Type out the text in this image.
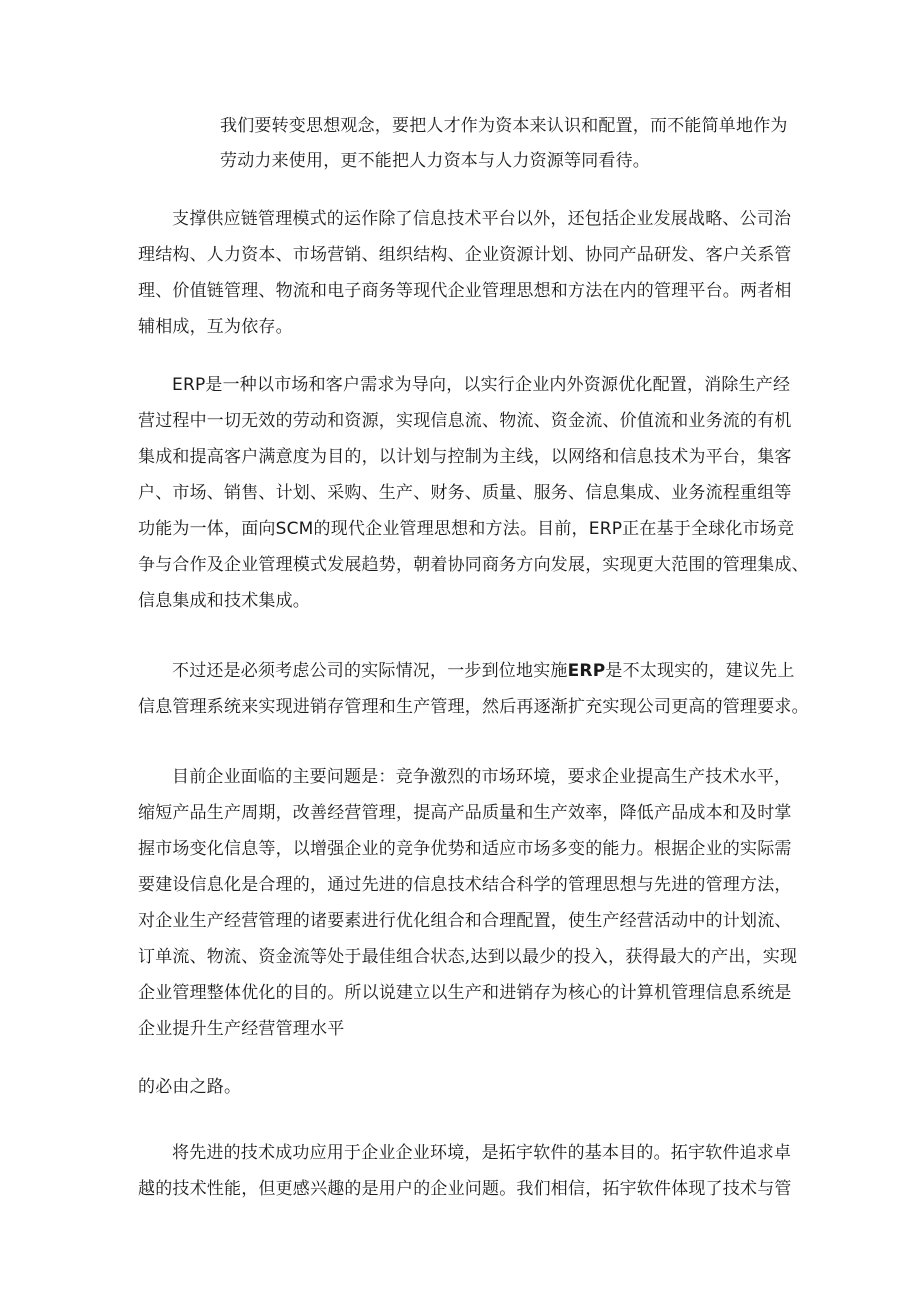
我们要转变思想观念，要把人才作为资本来认识和配置，而不能简单地作为
劳动力来使用，更不能把人力资本与人力资源等同看待。
支撑供应链管理模式的运作除了信息技术平台以外，还包括企业发展战略、公司治
理结构、人力资本、市场营销、组织结构、企业资源计划、协同产品研发、客户关系管
理、价值链管理、物流和电子商务等现代企业管理思想和方法在内的管理平台。两者相
辅相成，互为依存。
ERP是一种以市场和客户需求为导向，以实行企业内外资源优化配置，消除生产经
营过程中一切无效的劳动和资源，实现信息流、物流、资金流、价值流和业务流的有机
集成和提高客户满意度为目的，以计划与控制为主线，以网络和信息技术为平台，集客
户、市场、销售、计划、采购、生产、财务、质量、服务、信息集成、业务流程重组等
功能为一体，面向SCM的现代企业管理思想和方法。目前，ERP正在基于全球化市场竞
争与合作及企业管理模式发展趋势，朝着协同商务方向发展，实现更大范围的管理集成、
信息集成和技术集成。
不过还是必须考虑公司的实际情况，一步到位地实施ERP是不太现实的，建议先上
信息管理系统来实现进销存管理和生产管理，然后再逐渐扩充实现公司更高的管理要求。
目前企业面临的主要问题是：竞争激烈的市场环境，要求企业提高生产技术水平，
缩短产品生产周期，改善经营管理，提高产品质量和生产效率，降低产品成本和及时掌
握市场变化信息等，以增强企业的竞争优势和适应市场多变的能力。根据企业的实际需
要建设信息化是合理的，通过先进的信息技术结合科学的管理思想与先进的管理方法，
对企业生产经营管理的诸要素进行优化组合和合理配置，使生产经营活动中的计划流、
订单流、物流、资金流等处于最佳组合状态,达到以最少的投入，获得最大的产出，实现
企业管理整体优化的目的。所以说建立以生产和进销存为核心的计算机管理信息系统是
企业提升生产经营管理水平
的必由之路。
将先进的技术成功应用于企业企业环境，是拓宇软件的基本目的。拓宇软件追求卓
越的技术性能，但更感兴趣的是用户的企业问题。我们相信，拓宇软件体现了技术与管
